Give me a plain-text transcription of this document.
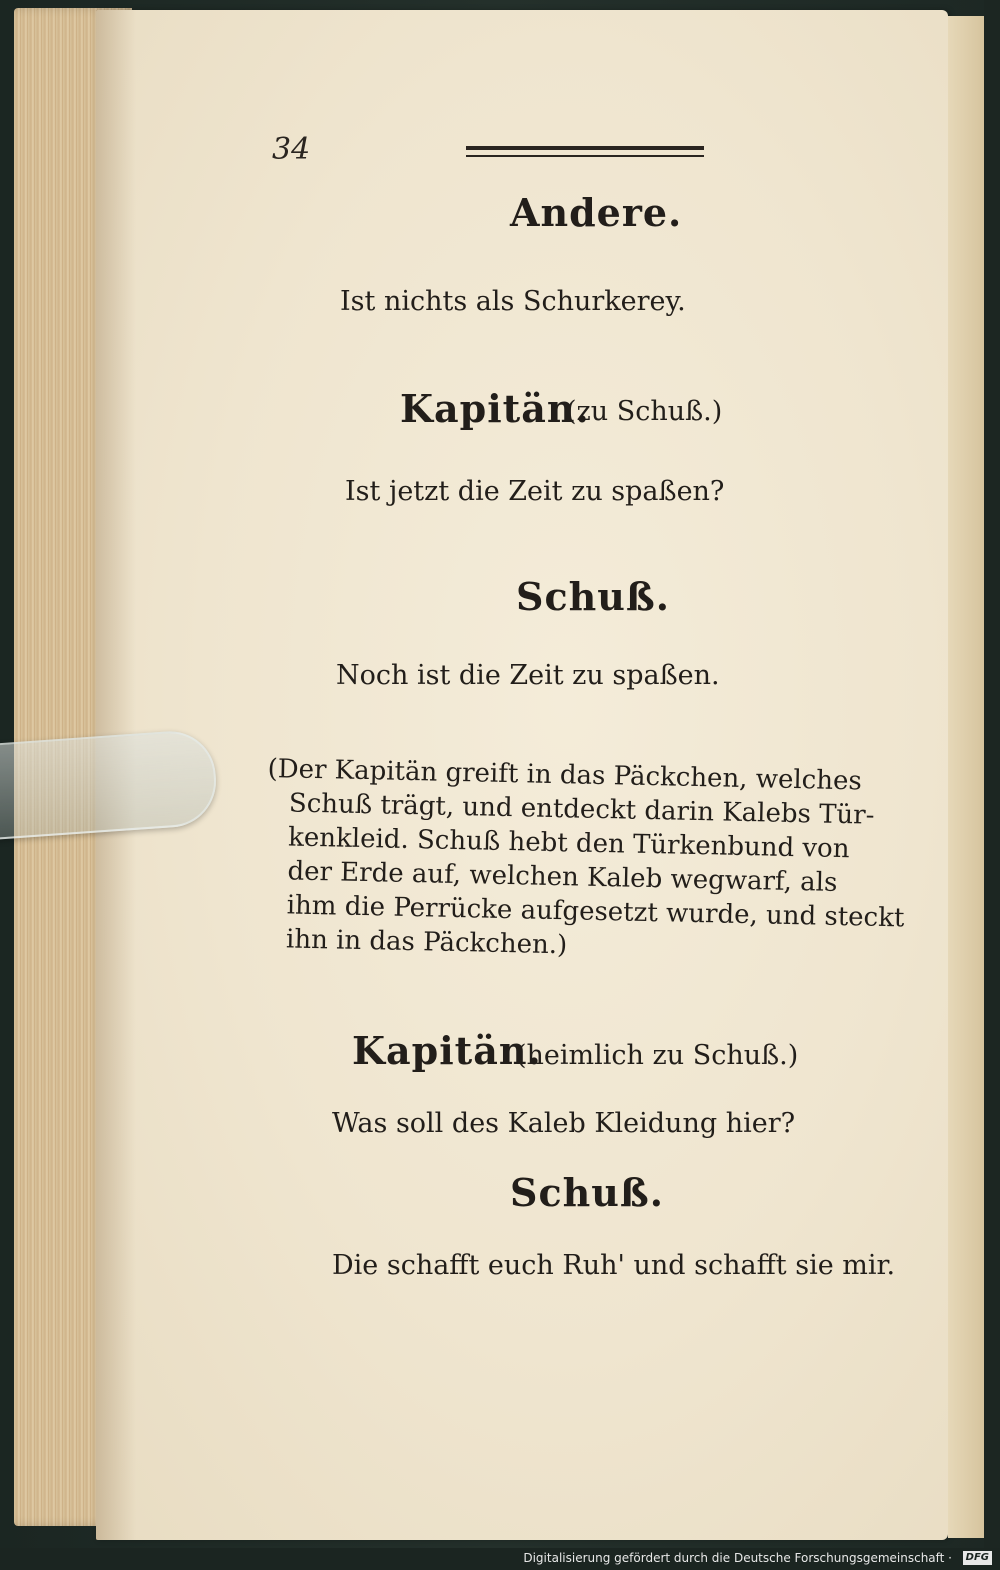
34
Andere.
Ist nichts als Schurkerey.
Kapitän.
(zu Schuß.)
Ist jetzt die Zeit zu spaßen?
Schuß.
Noch ist die Zeit zu spaßen.
(Der Kapitän greift in das Päckchen, welches
Schuß trägt, und entdeckt darin Kalebs Tür-
kenkleid. Schuß hebt den Türkenbund von
der Erde auf, welchen Kaleb wegwarf, als
ihm die Perrücke aufgesetzt wurde, und steckt
ihn in das Päckchen.)
Kapitän.
(heimlich zu Schuß.)
Was soll des Kaleb Kleidung hier?
Schuß.
Die schafft euch Ruh' und schafft sie mir.
Digitalisierung gefördert durch die Deutsche Forschungsgemeinschaft ·	DFG
